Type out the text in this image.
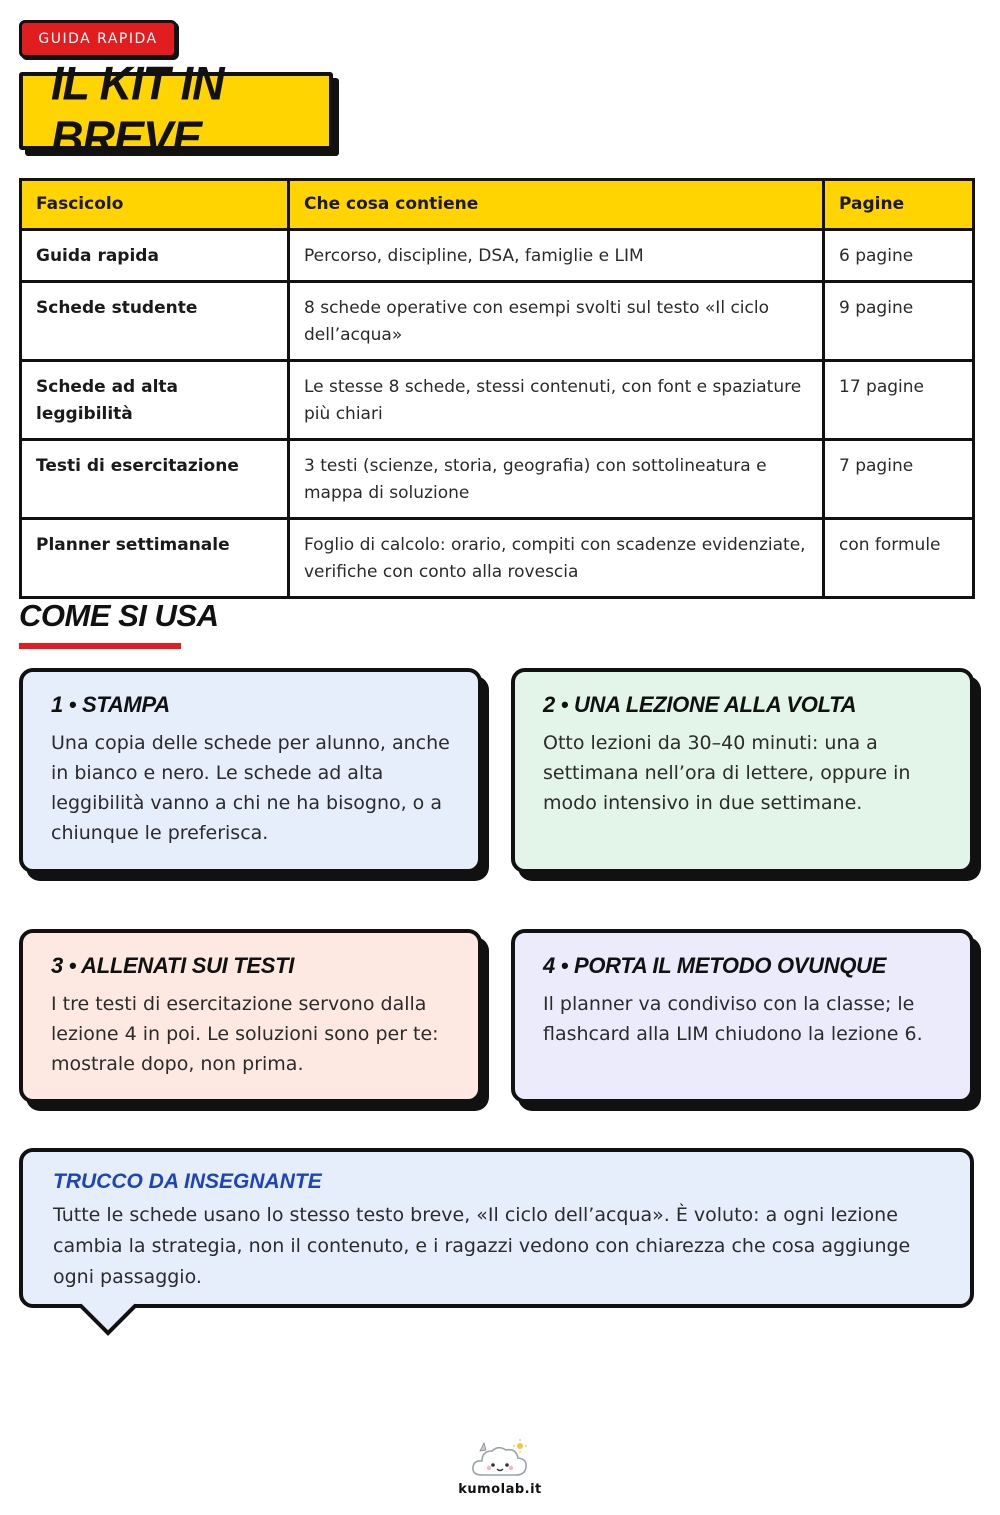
GUIDA RAPIDA
IL KIT IN BREVE
Fascicolo	Che cosa contiene	Pagine
Guida rapida	Percorso, discipline, DSA, famiglie e LIM	6 pagine
Schede studente	8 schede operative con esempi svolti sul testo «Il ciclo dell’acqua»	9 pagine
Schede ad alta leggibilità	Le stesse 8 schede, stessi contenuti, con font e spaziature più chiari	17 pagine
Testi di esercitazione	3 testi (scienze, storia, geografia) con sottolineatura e mappa di soluzione	7 pagine
Planner settimanale	Foglio di calcolo: orario, compiti con scadenze evidenziate, verifiche con conto alla rovescia	con formule
COME SI USA
1 • STAMPA

Una copia delle schede per alunno, anche in bianco e nero. Le schede ad alta leggibilità vanno a chi ne ha bisogno, o a chiunque le preferisca.

2 • UNA LEZIONE ALLA VOLTA

Otto lezioni da 30–40 minuti: una a settimana nell’ora di lettere, oppure in modo intensivo in due settimane.

3 • ALLENATI SUI TESTI

I tre testi di esercitazione servono dalla lezione 4 in poi. Le soluzioni sono per te: mostrale dopo, non prima.

4 • PORTA IL METODO OVUNQUE

Il planner va condiviso con la classe; le flashcard alla LIM chiudono la lezione 6.

TRUCCO DA INSEGNANTE

Tutte le schede usano lo stesso testo breve, «Il ciclo dell’acqua». È voluto: a ogni lezione cambia la strategia, non il contenuto, e i ragazzi vedono con chiarezza che cosa aggiunge ogni passaggio.

kumolab.it
